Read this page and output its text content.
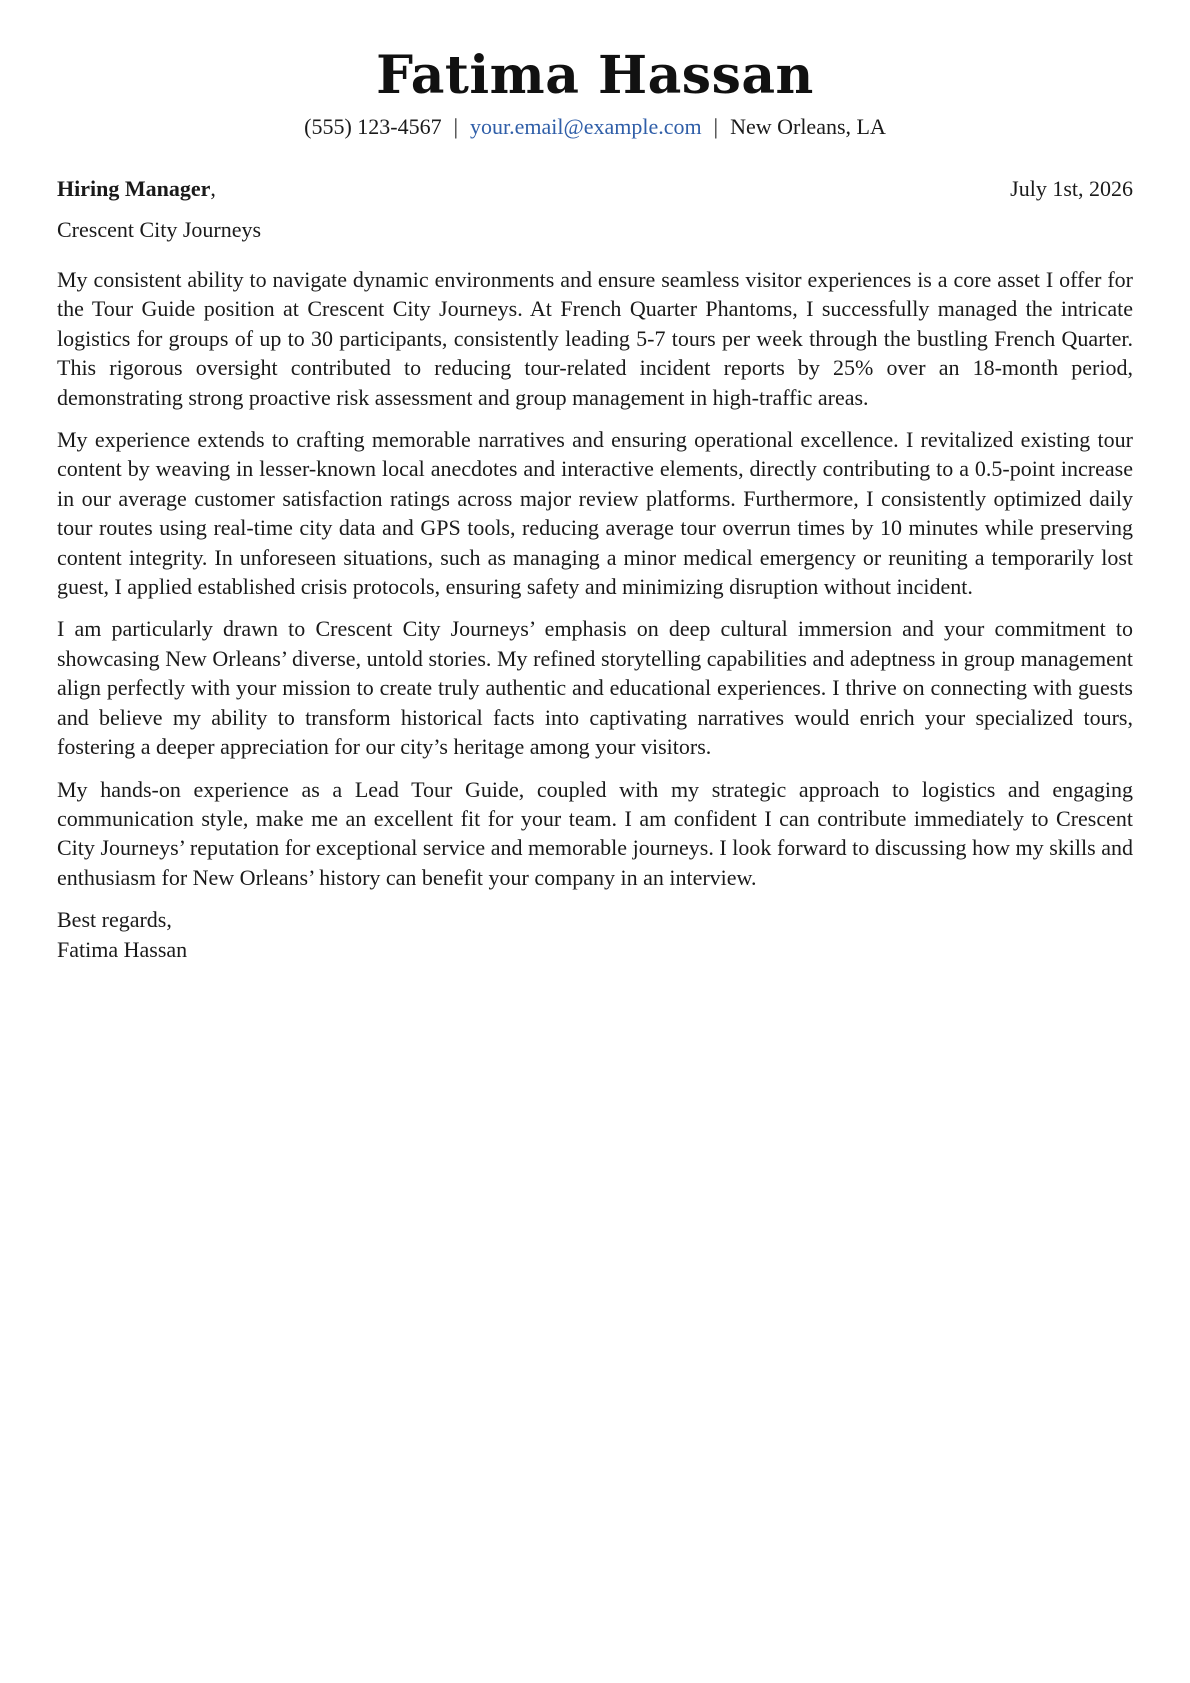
Fatima Hassan
(555) 123-4567 | your.email@example.com | New Orleans, LA
Hiring Manager,	July 1st, 2026
Crescent City Journeys

My consistent ability to navigate dynamic environments and ensure seamless visitor experiences is a core asset I offer for the Tour Guide position at Crescent City Journeys. At French Quarter Phantoms, I successfully managed the intricate logistics for groups of up to 30 participants, consistently leading 5-7 tours per week through the bustling French Quarter. This rigorous oversight contributed to reducing tour-related incident reports by 25% over an 18-month period, demonstrating strong proactive risk assessment and group management in high-traffic areas.

My experience extends to crafting memorable narratives and ensuring operational excellence. I revitalized existing tour content by weaving in lesser-known local anecdotes and interactive elements, directly contributing to a 0.5-point increase in our average customer satisfaction ratings across major review platforms. Furthermore, I consistently optimized daily tour routes using real-time city data and GPS tools, reducing average tour overrun times by 10 minutes while preserving content integrity. In unforeseen situations, such as managing a minor medical emergency or reuniting a temporarily lost guest, I applied established crisis protocols, ensuring safety and minimizing disruption without incident.

I am particularly drawn to Crescent City Journeys’ emphasis on deep cultural immersion and your commitment to showcasing New Orleans’ diverse, untold stories. My refined storytelling capabilities and adeptness in group management align perfectly with your mission to create truly authentic and educational experiences. I thrive on connecting with guests and believe my ability to transform historical facts into captivating narratives would enrich your specialized tours, fostering a deeper appreciation for our city’s heritage among your visitors.

My hands-on experience as a Lead Tour Guide, coupled with my strategic approach to logistics and engaging communication style, make me an excellent fit for your team. I am confident I can contribute immediately to Crescent City Journeys’ reputation for exceptional service and memorable journeys. I look forward to discussing how my skills and enthusiasm for New Orleans’ history can benefit your company in an interview.

Best regards,
Fatima Hassan
